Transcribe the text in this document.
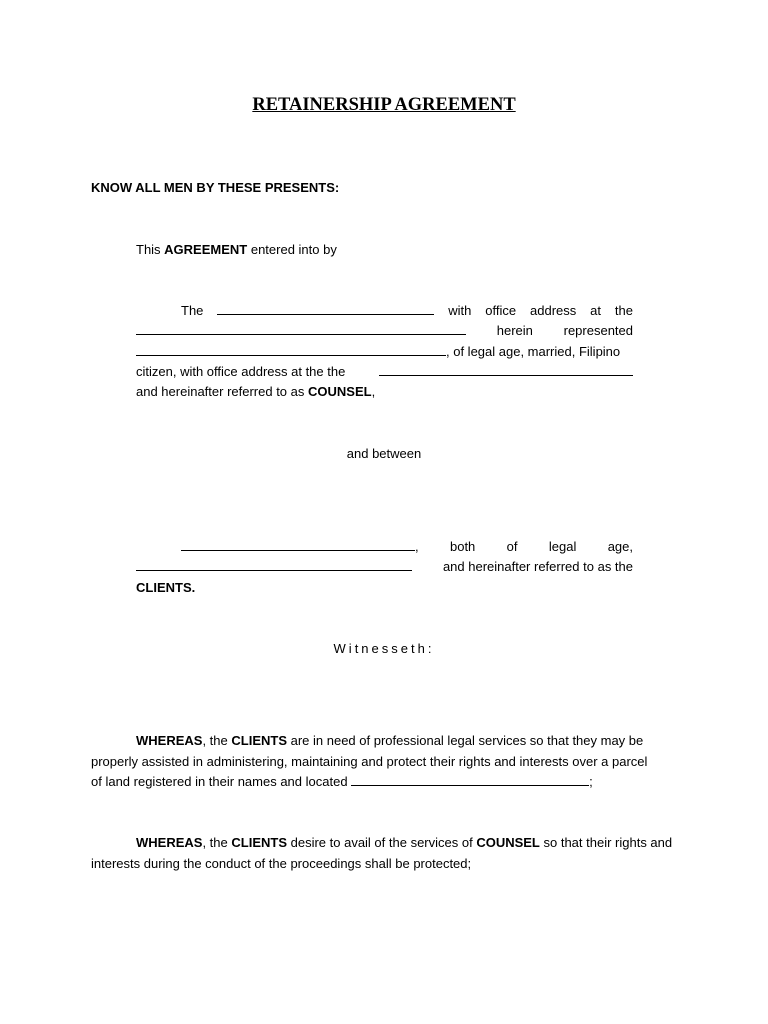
RETAINERSHIP AGREEMENT
KNOW ALL MEN BY THESE PRESENTS:
This AGREEMENT entered into by
The	with office address at the
herein represented
, of legal age, married, Filipino
citizen, with office address at the the
and hereinafter referred to as COUNSEL,
and between
, both of legal age,
and hereinafter referred to as the
CLIENTS.
Witnesseth:
WHEREAS, the CLIENTS are in need of professional legal services so that they may be
properly assisted in administering, maintaining and protect their rights and interests over a parcel
of land registered in their names and located	;
WHEREAS, the CLIENTS desire to avail of the services of COUNSEL so that their rights and
interests during the conduct of the proceedings shall be protected;
